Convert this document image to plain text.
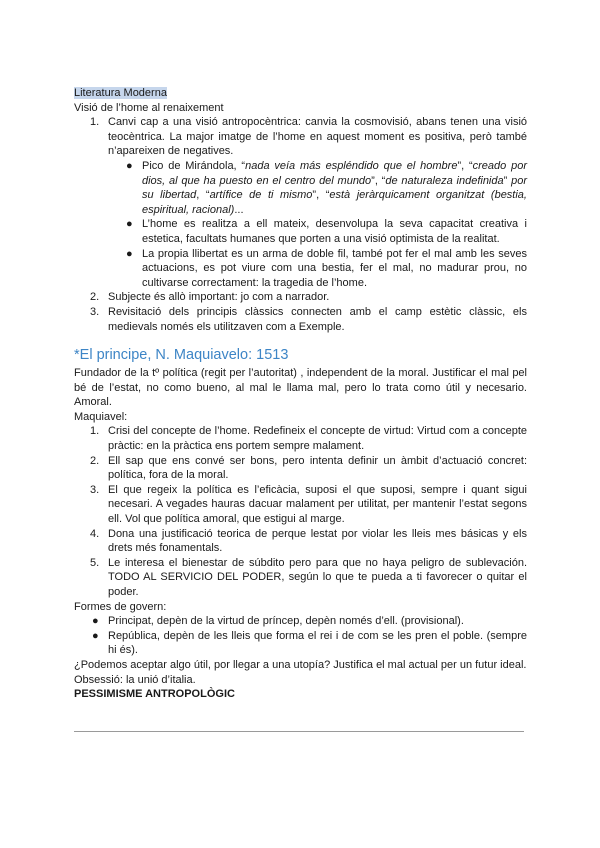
Literatura Moderna
Visió de l’home al renaixement
1. Canvi cap a una visió antropocèntrica: canvia la cosmovisió, abans tenen una visió teocèntrica. La major imatge de l’home en aquest moment es positiva, però també n’apareixen de negatives.
● Pico de Mirándola, “nada veía más espléndido que el hombre”, “creado por dios, al que ha puesto en el centro del mundo”, “de naturaleza indefinida” por su libertad, “artífice de ti mismo”, “està jeràrquicament organitzat (bestia, espiritual, racional)...
● L’home es realitza a ell mateix, desenvolupa la seva capacitat creativa i estetica, facultats humanes que porten a una visió optimista de la realitat.
● La propia llibertat es un arma de doble fil, també pot fer el mal amb les seves actuacions, es pot viure com una bestia, fer el mal, no madurar prou, no cultivarse correctament: la tragedia de l’home.
2. Subjecte és allò important: jo com a narrador.
3. Revisitació dels principis clàssics connecten amb el camp estètic clàssic, els medievals només els utilitzaven com a Exemple.
*El principe, N. Maquiavelo: 1513
Fundador de la tº política (regit per l’autoritat) , independent de la moral. Justificar el mal pel bé de l’estat, no como bueno, al mal le llama mal, pero lo trata como útil y necesario. Amoral.
Maquiavel:
1. Crisi del concepte de l’home. Redefineix el concepte de virtud: Virtud com a concepte pràctic: en la pràctica ens portem sempre malament.
2. Ell sap que ens convé ser bons, pero intenta definir un àmbit d’actuació concret: política, fora de la moral.
3. El que regeix la política es l’eficàcia, suposi el que suposi, sempre i quant sigui necesari. A vegades hauras dacuar malament per utilitat, per mantenir l’estat segons ell. Vol que política amoral, que estigui al marge.
4. Dona una justificació teorica de perque lestat por violar les lleis mes básicas y els drets més fonamentals.
5. Le interesa el bienestar de súbdito pero para que no haya peligro de sublevación. TODO AL SERVICIO DEL PODER, según lo que te pueda a ti favorecer o quitar el poder.
Formes de govern:
● Principat, depèn de la virtud de príncep, depèn només d’ell. (provisional).
● República, depèn de les lleis que forma el rei i de com se les pren el poble. (sempre hi és).
¿Podemos aceptar algo útil, por llegar a una utopía? Justifica el mal actual per un futur ideal.
Obsessió: la unió d’italia.
PESSIMISME ANTROPOLÒGIC
